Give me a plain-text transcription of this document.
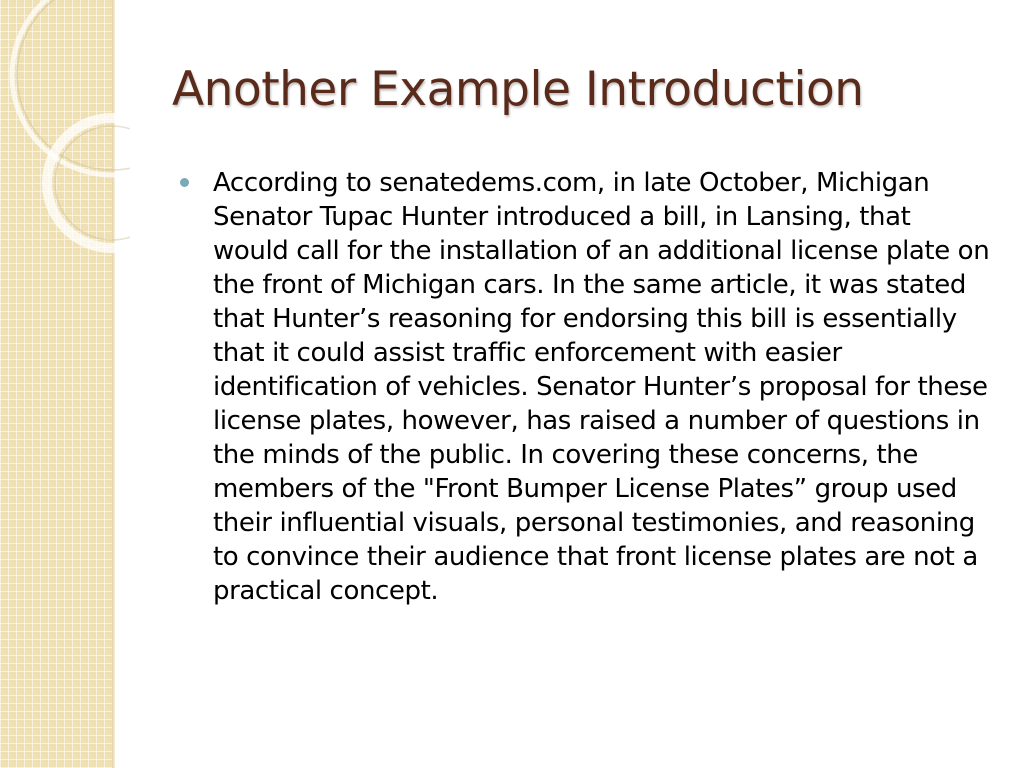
Another Example Introduction

According to senatedems.com, in late October, Michigan Senator Tupac Hunter introduced a bill, in Lansing, that would call for the installation of an additional license plate on the front of Michigan cars. In the same article, it was stated that Hunter’s reasoning for endorsing this bill is essentially that it could assist traffic enforcement with easier identification of vehicles. Senator Hunter’s proposal for these license plates, however, has raised a number of questions in the minds of the public. In covering these concerns, the members of the "Front Bumper License Plates” group used their influential visuals, personal testimonies, and reasoning to convince their audience that front license plates are not a practical concept.
